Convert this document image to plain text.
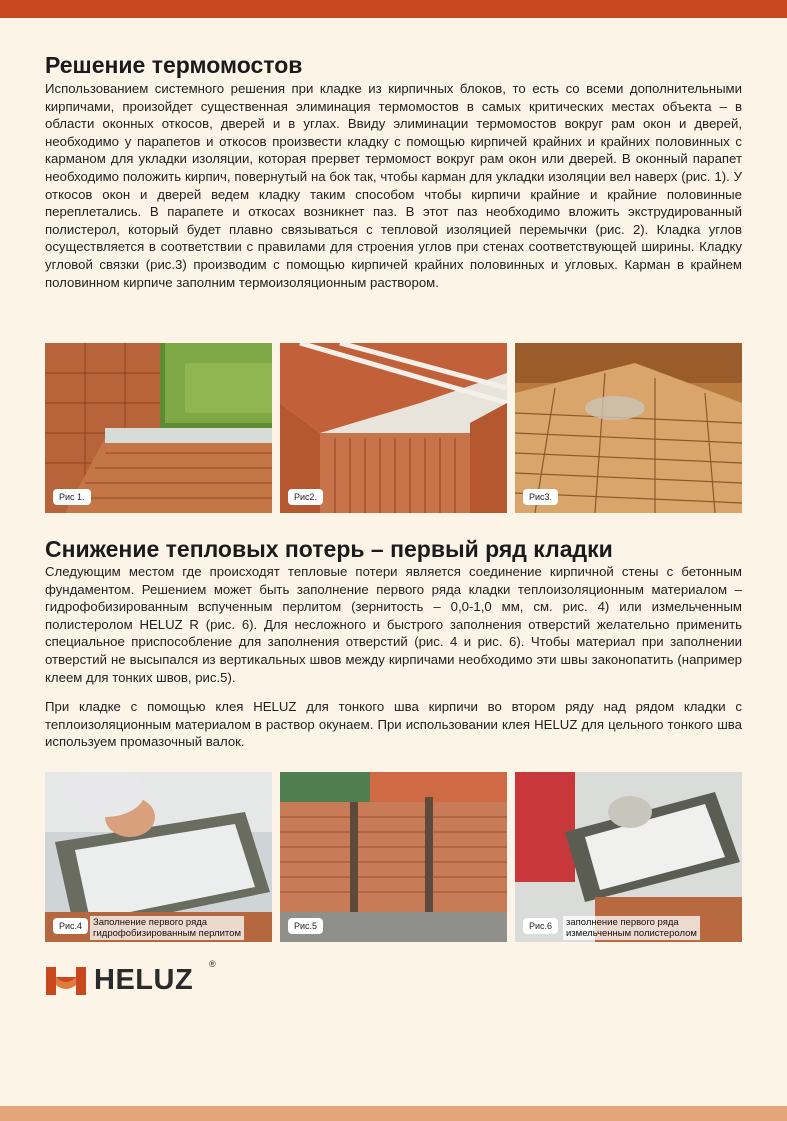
Решение термомостов

Использованием системного решения при кладке из кирпичных блоков, то есть со всеми дополнительными кирпичами, произойдет существенная элиминация термомостов в самых критических местах объекта – в области оконных откосов, дверей и в углах. Ввиду элиминации термомостов вокруг рам окон и дверей, необходимо у парапетов и откосов произвести кладку с помощью кирпичей крайних и крайних половинных с карманом для укладки изоляции, которая прервет термомост вокруг рам окон или дверей. В оконный парапет необходимо положить кирпич, повернутый на бок так, чтобы карман для укладки изоляции вел наверх (рис. 1). У откосов окон и дверей ведем кладку таким способом чтобы кирпичи крайние и крайние половинные переплетались. В парапете и откосах возникнет паз. В этот паз необходимо вложить экструдированный полистерол, который будет плавно связываться с тепловой изоляцией перемычки (рис. 2). Кладка углов осуществляется в соответствии с правилами для строения углов при стенах соответствующей ширины. Кладку угловой связки (рис.3) производим с помощью кирпичей крайних половинных и угловых. Карман в крайнем половинном кирпиче заполним термоизоляционным раствором.

Рис 1.	Рис2.	Рис3.
Снижение тепловых потерь – первый ряд кладки

Следующим местом где происходят тепловые потери является соединение кирпичной стены с бетонным фундаментом. Решением может быть заполнение первого ряда кладки теплоизоляционным материалом – гидрофобизированным вспученным перлитом (зернитость – 0,0-1,0 мм, см. рис. 4) или измельченным полистеролом HELUZ R (рис. 6). Для несложного и быстрого заполнения отверстий желательно применить специальное приспособление для заполнения отверстий (рис. 4 и рис. 6). Чтобы материал при заполнении отверстий не высыпался из вертикальных швов между кирпичами необходимо эти швы законопатить (например клеем для тонких швов, рис.5).

При кладке с помощью клея HELUZ для тонкого шва кирпичи во втором ряду над рядом кладки с теплоизоляционным материалом в раствор окунаем. При использовании клея HELUZ для цельного тонкого шва используем промазочный валок.

Рис.4	Заполнение первого ряда
гидрофобизированным перлитом
Рис.5	Рис.6	заполнение первого ряда
измельченным полистеролом
HELUZ ®
